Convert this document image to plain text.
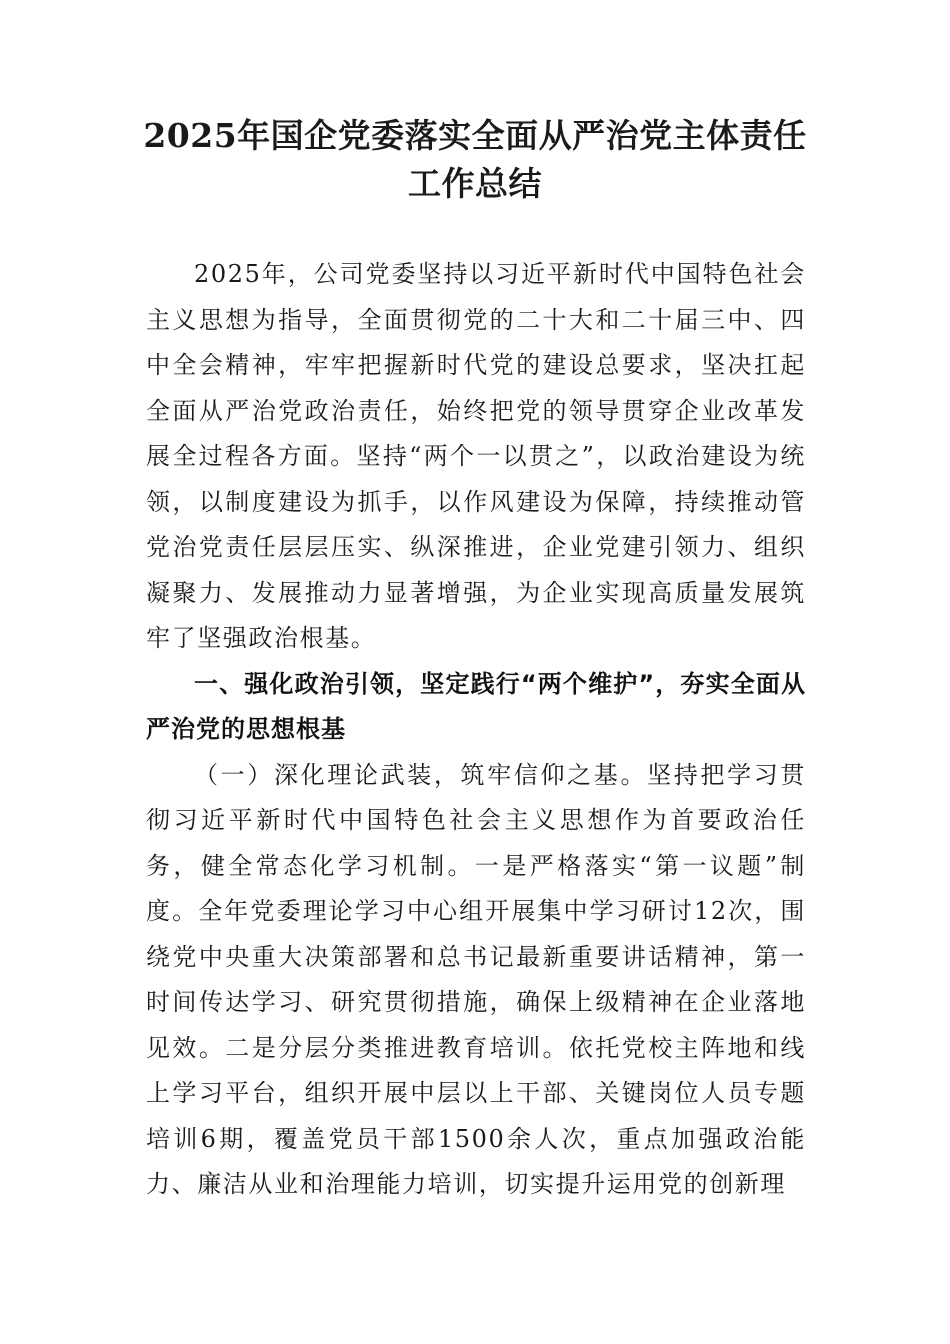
2025年国企党委落实全面从严治党主体责任工作总结

2025年，公司党委坚持以习近平新时代中国特色社会主义思想为指导，全面贯彻党的二十大和二十届三中、四中全会精神，牢牢把握新时代党的建设总要求，坚决扛起全面从严治党政治责任，始终把党的领导贯穿企业改革发展全过程各方面。坚持“两个一以贯之”，以政治建设为统领，以制度建设为抓手，以作风建设为保障，持续推动管党治党责任层层压实、纵深推进，企业党建引领力、组织凝聚力、发展推动力显著增强，为企业实现高质量发展筑牢了坚强政治根基。

一、强化政治引领，坚定践行“两个维护”，夯实全面从严治党的思想根基

（一）深化理论武装，筑牢信仰之基。坚持把学习贯彻习近平新时代中国特色社会主义思想作为首要政治任务，健全常态化学习机制。一是严格落实“第一议题”制度。全年党委理论学习中心组开展集中学习研讨12次，围绕党中央重大决策部署和总书记最新重要讲话精神，第一时间传达学习、研究贯彻措施，确保上级精神在企业落地见效。二是分层分类推进教育培训。依托党校主阵地和线上学习平台，组织开展中层以上干部、关键岗位人员专题培训6期，覆盖党员干部1500余人次，重点加强政治能力、廉洁从业和治理能力培训，切实提升运用党的创新理
